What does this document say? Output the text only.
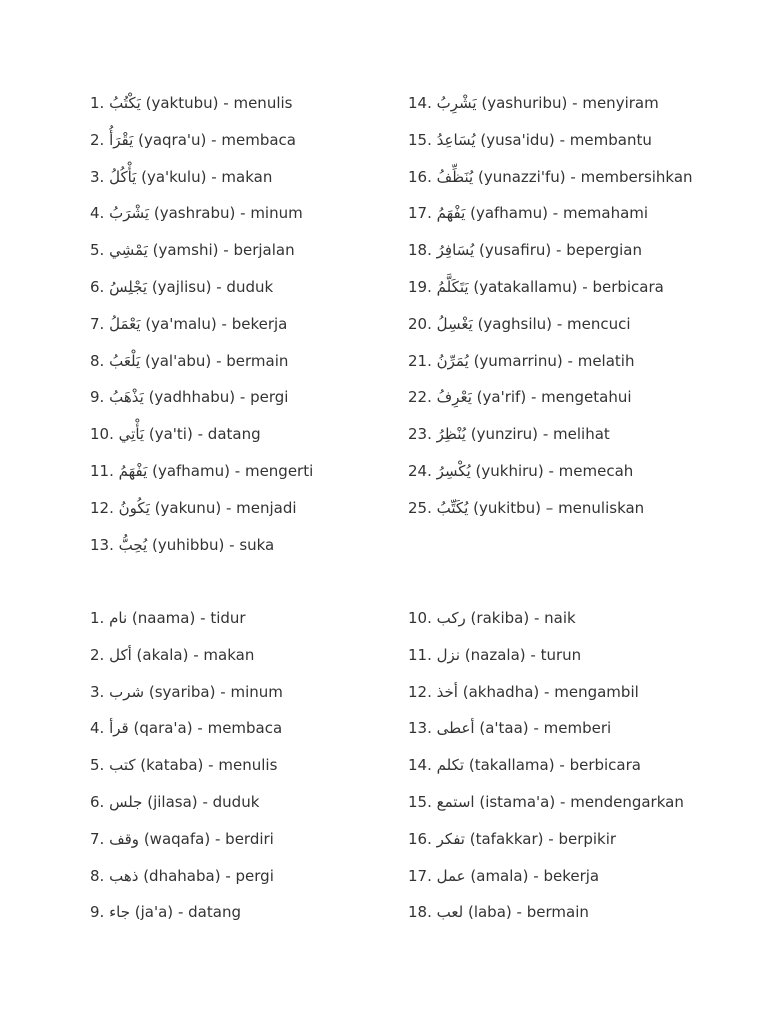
1. يَكْتُبُ (yaktubu) - menulis
2. يَقْرَأُ (yaqra'u) - membaca
3. يَأْكُلُ (ya'kulu) - makan
4. يَشْرَبُ (yashrabu) - minum
5. يَمْشِي (yamshi) - berjalan
6. يَجْلِسُ (yajlisu) - duduk
7. يَعْمَلُ (ya'malu) - bekerja
8. يَلْعَبُ (yal'abu) - bermain
9. يَذْهَبُ (yadhhabu) - pergi
10. يَأْتِي (ya'ti) - datang
11. يَفْهَمُ (yafhamu) - mengerti
12. يَكُونُ (yakunu) - menjadi
13. يُحِبُّ (yuhibbu) - suka
14. يَشْرِبُ (yashuribu) - menyiram
15. يُسَاعِدُ (yusa'idu) - membantu
16. يُنَظِّفُ (yunazzi'fu) - membersihkan
17. يَفْهَمُ (yafhamu) - memahami
18. يُسَافِرُ (yusafiru) - bepergian
19. يَتَكَلَّمُ (yatakallamu) - berbicara
20. يَغْسِلُ (yaghsilu) - mencuci
21. يُمَرِّنُ (yumarrinu) - melatih
22. يَعْرِفُ (ya'rif) - mengetahui
23. يُنْظِرُ (yunziru) - melihat
24. يُكْسِرُ (yukhiru) - memecah
25. يُكَتِّبُ (yukitbu) – menuliskan
1. نام (naama) - tidur
2. أكل (akala) - makan
3. شرب (syariba) - minum
4. قرأ (qara'a) - membaca
5. كتب (kataba) - menulis
6. جلس (jilasa) - duduk
7. وقف (waqafa) - berdiri
8. ذهب (dhahaba) - pergi
9. جاء (ja'a) - datang
10. ركب (rakiba) - naik
11. نزل (nazala) - turun
12. أخذ (akhadha) - mengambil
13. أعطى (a'taa) - memberi
14. تكلم (takallama) - berbicara
15. استمع (istama'a) - mendengarkan
16. تفكر (tafakkar) - berpikir
17. عمل (amala) - bekerja
18. لعب (laba) - bermain
